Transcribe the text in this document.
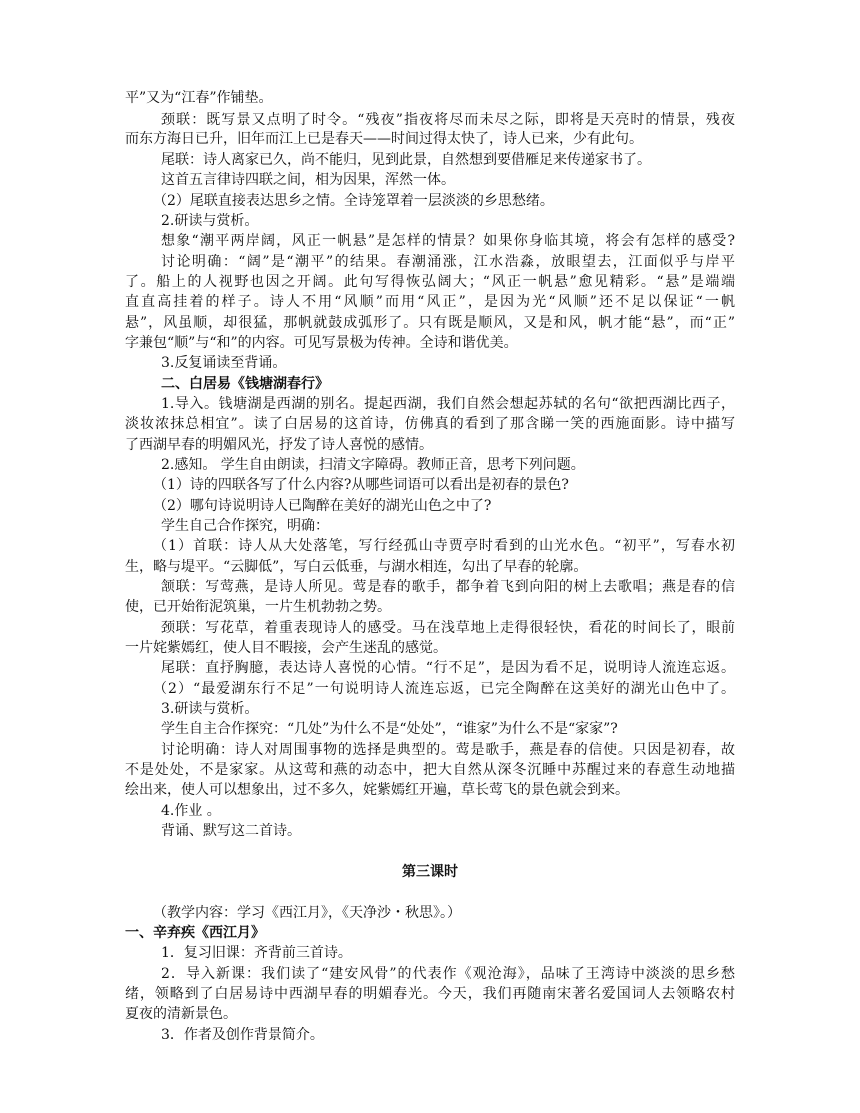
平”又为“江春”作铺垫。
颈联：既写景又点明了时令。“残夜”指夜将尽而未尽之际，即将是天亮时的情景，残夜
而东方海日已升，旧年而江上已是春天——时间过得太快了，诗人已来，少有此句。
尾联：诗人离家已久，尚不能归，见到此景，自然想到要借雁足来传递家书了。
这首五言律诗四联之间，相为因果，浑然一体。
（2）尾联直接表达思乡之情。全诗笼罩着一层淡淡的乡思愁绪。
2.研读与赏析。
想象“潮平两岸阔，风正一帆悬”是怎样的情景？如果你身临其境，将会有怎样的感受?
讨论明确：“阔”是“潮平”的结果。春潮涌涨，江水浩淼，放眼望去，江面似乎与岸平
了。船上的人视野也因之开阔。此句写得恢弘阔大；“风正一帆悬”愈见精彩。“悬”是端端
直直高挂着的样子。诗人不用“风顺”而用“风正”，是因为光“风顺”还不足以保证“一帆
悬”，风虽顺，却很猛，那帆就鼓成弧形了。只有既是顺风，又是和风，帆才能“悬”，而“正”
字兼包“顺”与“和”的内容。可见写景极为传神。全诗和谐优美。
3.反复诵读至背诵。
二、白居易《钱塘湖春行》
1.导入。钱塘湖是西湖的别名。提起西湖，我们自然会想起苏轼的名句“欲把西湖比西子，
淡妆浓抹总相宜”。读了白居易的这首诗，仿佛真的看到了那含睇一笑的西施面影。诗中描写
了西湖早春的明媚风光，抒发了诗人喜悦的感情。
2.感知。 学生自由朗读，扫清文字障碍。教师正音，思考下列问题。
（1）诗的四联各写了什么内容?从哪些词语可以看出是初春的景色?
（2）哪句诗说明诗人已陶醉在美好的湖光山色之中了?
学生自己合作探究，明确：
（1）首联：诗人从大处落笔，写行经孤山寺贾亭时看到的山光水色。“初平”，写春水初
生，略与堤平。“云脚低”，写白云低垂，与湖水相连，勾出了早春的轮廓。
颔联：写莺燕，是诗人所见。莺是春的歌手，都争着飞到向阳的树上去歌唱；燕是春的信
使，已开始衔泥筑巢，一片生机勃勃之势。
颈联：写花草，着重表现诗人的感受。马在浅草地上走得很轻快，看花的时间长了，眼前
一片姹紫嫣红，使人目不暇接，会产生迷乱的感觉。
尾联：直抒胸臆，表达诗人喜悦的心情。“行不足”，是因为看不足，说明诗人流连忘返。
（2）“最爱湖东行不足”一句说明诗人流连忘返，已完全陶醉在这美好的湖光山色中了。
3.研读与赏析。
学生自主合作探究：“几处”为什么不是“处处”，“谁家”为什么不是“家家”?
讨论明确：诗人对周围事物的选择是典型的。莺是歌手，燕是春的信使。只因是初春，故
不是处处，不是家家。从这莺和燕的动态中，把大自然从深冬沉睡中苏醒过来的春意生动地描
绘出来，使人可以想象出，过不多久，姹紫嫣红开遍，草长莺飞的景色就会到来。
4.作业 。
背诵、默写这二首诗。
第三课时
（教学内容：学习《西江月》，《天净沙・秋思》。）
一、辛弃疾《西江月》
1．复习旧课：齐背前三首诗。
2．导入新课：我们读了“建安风骨”的代表作《观沧海》，品味了王湾诗中淡淡的思乡愁
绪，领略到了白居易诗中西湖早春的明媚春光。今天，我们再随南宋著名爱国词人去领略农村
夏夜的清新景色。
3．作者及创作背景简介。
